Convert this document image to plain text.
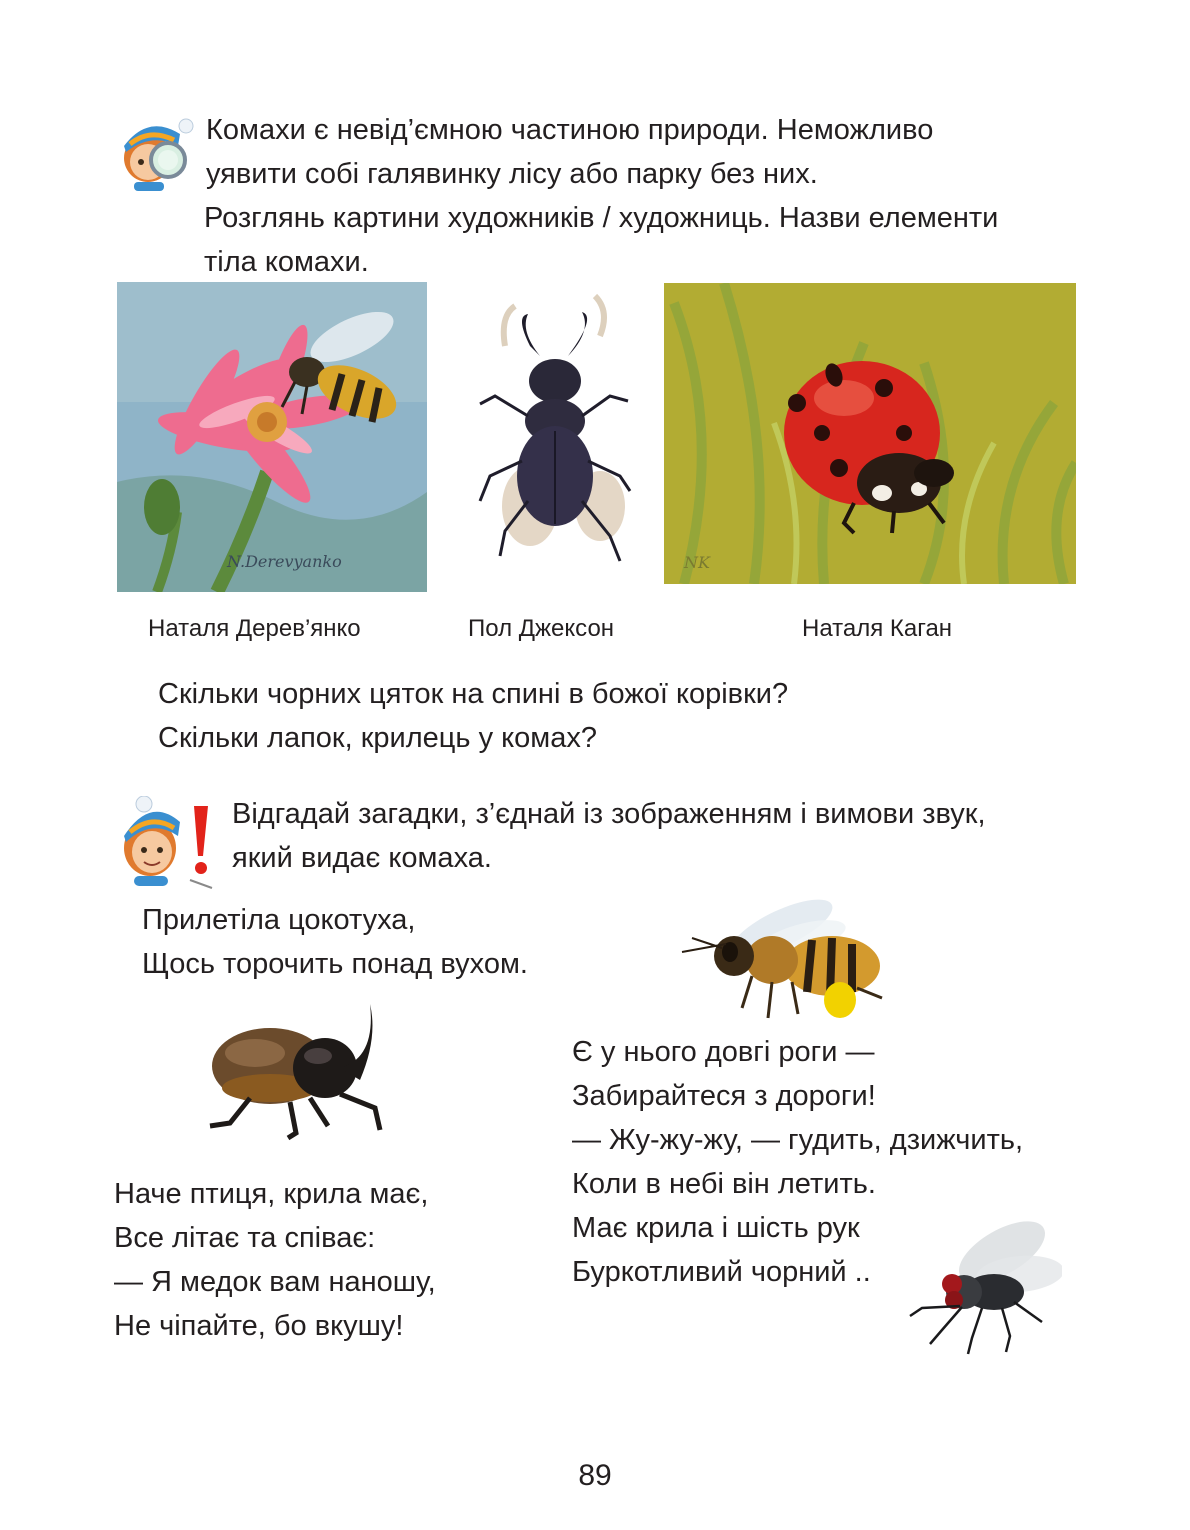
Комахи є невід’ємною частиною природи. Неможливо
уявити собі галявинку лісу або парку без них.
Розглянь картини художників / художниць. Назви елементи
тіла комахи.
N.Derevyanko	NK
Наталя Дерев’янко	Пол Джексон	Наталя Каган
Скільки чорних цяток на спині в божої корівки?
Скільки лапок, крилець у комах?
Відгадай загадки, з’єднай із зображенням і вимови звук,
який видає комаха.
Прилетіла цокотуха,
Щось торочить понад вухом.
Є у нього довгі роги —
Забирайтеся з дороги!
— Жу-жу-жу, — гудить, дзижчить,
Коли в небі він летить.
Має крила і шість рук
Буркотливий чорний ..
Наче птиця, крила має,
Все літає та співає:
— Я медок вам наношу,
Не чіпайте, бо вкушу!
89
